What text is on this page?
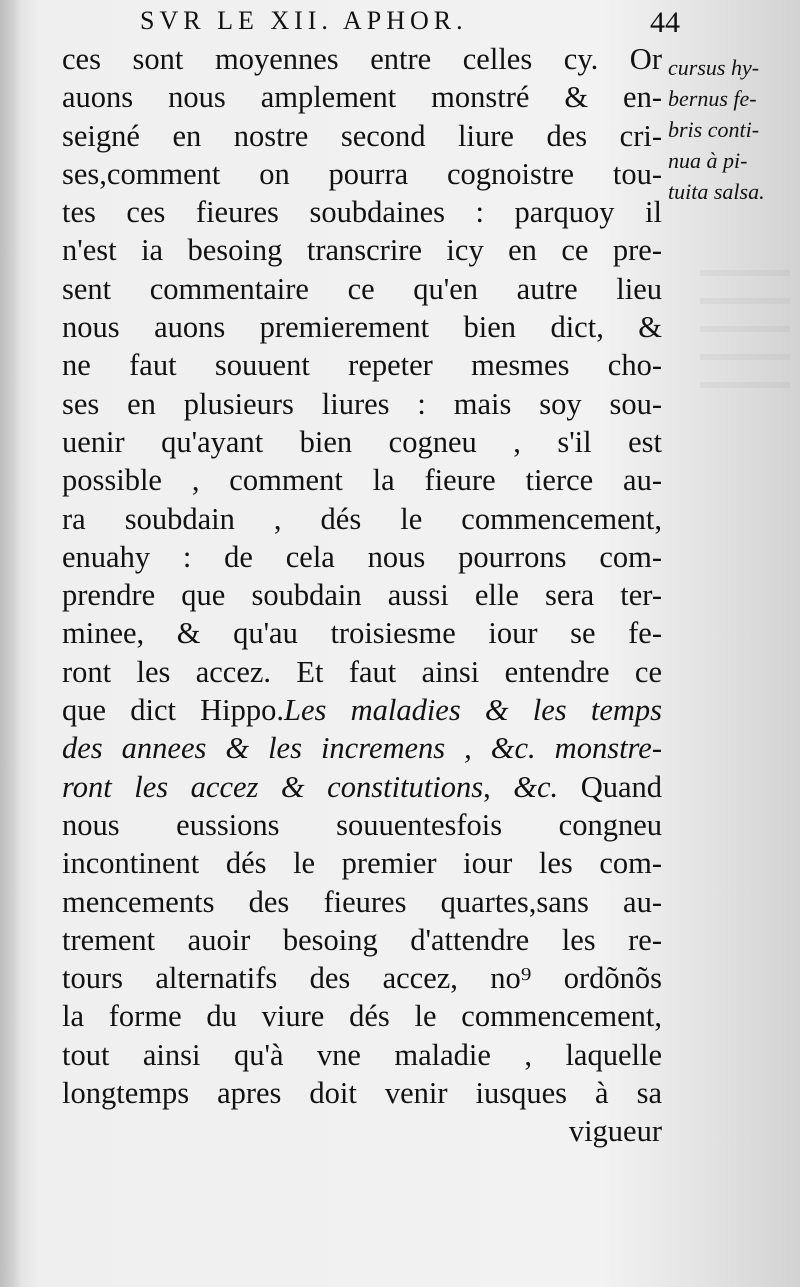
SVR LE XII. APHOR.	44
ces sont moyennes entre celles cy. Or
auons nous amplement monstré & en-
seigné en nostre second liure des cri-
ses,comment on pourra cognoistre tou-
tes ces fieures soubdaines : parquoy il
n'est ia besoing transcrire icy en ce pre-
sent commentaire ce qu'en autre lieu
nous auons premierement bien dict, &
ne faut souuent repeter mesmes cho-
ses en plusieurs liures : mais soy sou-
uenir qu'ayant bien cogneu , s'il est
possible , comment la fieure tierce au-
ra soubdain , dés le commencement,
enuahy : de cela nous pourrons com-
prendre que soubdain aussi elle sera ter-
minee, & qu'au troisiesme iour se fe-
ront les accez. Et faut ainsi entendre ce
que dict Hippo.Les maladies & les temps
des annees & les incremens , &c. monstre-
ront les accez & constitutions, &c. Quand
nous eussions souuentesfois congneu
incontinent dés le premier iour les com-
mencements des fieures quartes,sans au-
trement auoir besoing d'attendre les re-
tours alternatifs des accez, no⁹ ordõnõs
la forme du viure dés le commencement,
tout ainsi qu'à vne maladie , laquelle
longtemps apres doit venir iusques à sa
vigueur
cursus hy-
bernus fe-
bris conti-
nua à pi-
tuita salsa.
